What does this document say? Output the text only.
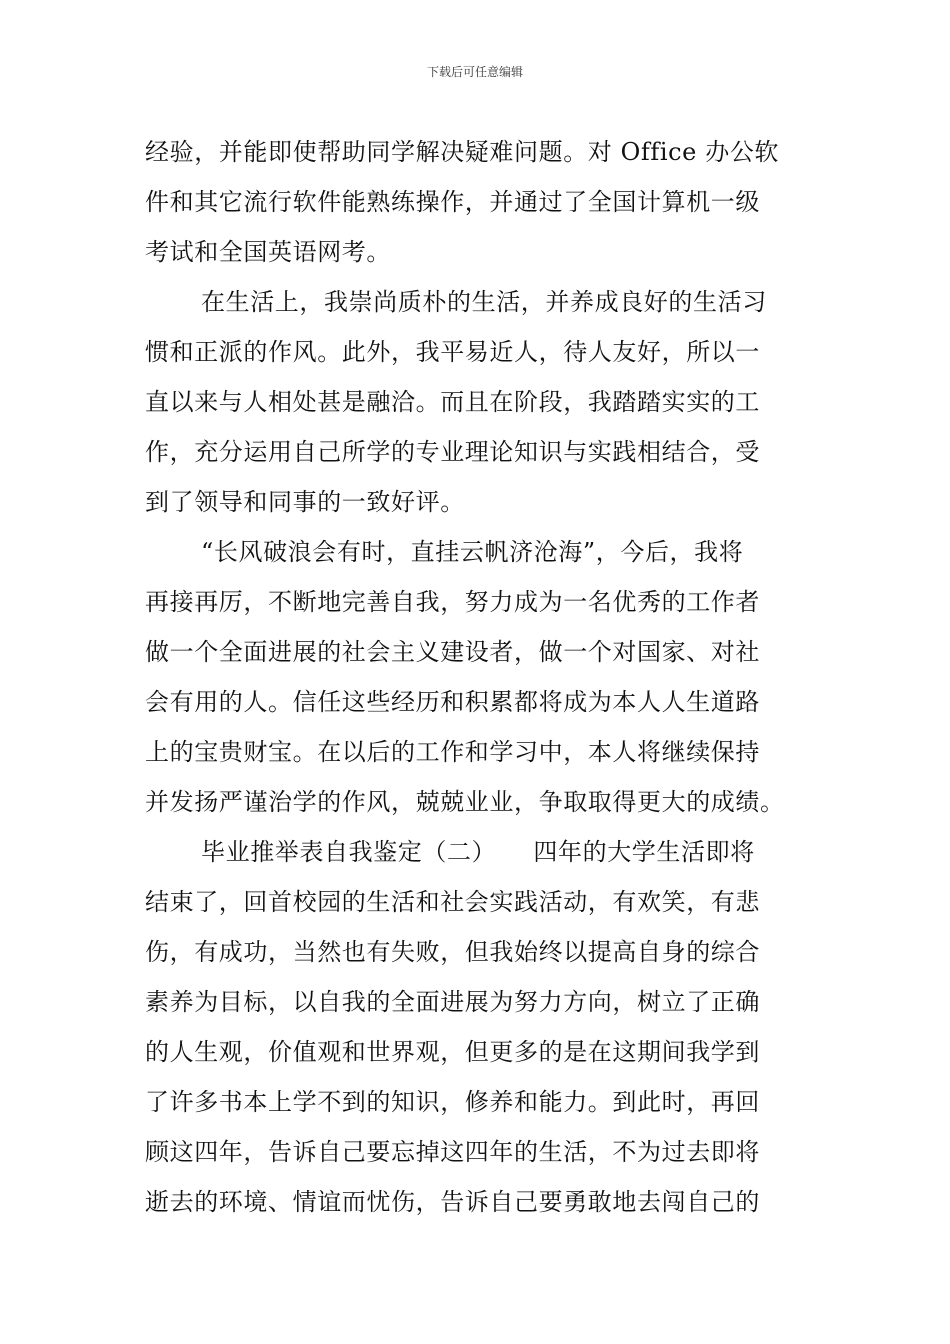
下载后可任意编辑
经验，并能即使帮助同学解决疑难问题。对 Office 办公软
件和其它流行软件能熟练操作，并通过了全国计算机一级
考试和全国英语网考。
在生活上，我崇尚质朴的生活，并养成良好的生活习
惯和正派的作风。此外，我平易近人，待人友好，所以一
直以来与人相处甚是融洽。而且在阶段，我踏踏实实的工
作，充分运用自己所学的专业理论知识与实践相结合，受
到了领导和同事的一致好评。
“长风破浪会有时，直挂云帆济沧海”，今后，我将
再接再厉，不断地完善自我，努力成为一名优秀的工作者
做一个全面进展的社会主义建设者，做一个对国家、对社
会有用的人。信任这些经历和积累都将成为本人人生道路
上的宝贵财宝。在以后的工作和学习中，本人将继续保持
并发扬严谨治学的作风，兢兢业业，争取取得更大的成绩。
毕业推举表自我鉴定（二）　　四年的大学生活即将
结束了，回首校园的生活和社会实践活动，有欢笑，有悲
伤，有成功，当然也有失败，但我始终以提高自身的综合
素养为目标，以自我的全面进展为努力方向，树立了正确
的人生观，价值观和世界观，但更多的是在这期间我学到
了许多书本上学不到的知识，修养和能力。到此时，再回
顾这四年，告诉自己要忘掉这四年的生活，不为过去即将
逝去的环境、情谊而忧伤，告诉自己要勇敢地去闯自己的
